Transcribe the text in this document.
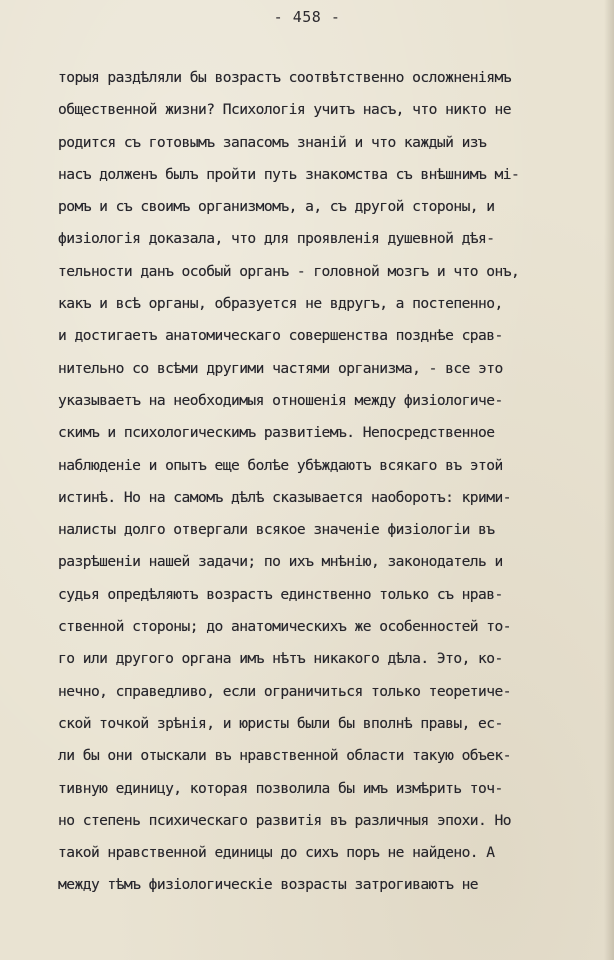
- 458 -
торыя раздѣляли бы возрастъ соотвѣтственно осложненіямъ
общественной жизни? Психологія учитъ насъ, что никто не
родится съ готовымъ запасомъ знаній и что каждый изъ
насъ долженъ былъ пройти путь знакомства съ внѣшнимъ мі-
ромъ и съ своимъ организмомъ, а, съ другой стороны, и
физіологія доказала, что для проявленія душевной дѣя-
тельности данъ особый органъ - головной мозгъ и что онъ,
какъ и всѣ органы, образуется не вдругъ, а постепенно,
и достигаетъ анатомическаго совершенства позднѣе срав-
нительно со всѣми другими частями организма, - все это
указываетъ на необходимыя отношенія между физіологиче-
скимъ и психологическимъ развитіемъ. Непосредственное
наблюденіе и опытъ еще болѣе убѣждаютъ всякаго въ этой
истинѣ. Но на самомъ дѣлѣ сказывается наоборотъ: крими-
налисты долго отвергали всякое значеніе физіологіи въ
разрѣшеніи нашей задачи; по ихъ мнѣнію, законодатель и
судья опредѣляютъ возрастъ единственно только съ нрав-
ственной стороны; до анатомическихъ же особенностей то-
го или другого органа имъ нѣтъ никакого дѣла. Это, ко-
нечно, справедливо, если ограничиться только теоретиче-
ской точкой зрѣнія, и юристы были бы вполнѣ правы, ес-
ли бы они отыскали въ нравственной области такую объек-
тивную единицу, которая позволила бы имъ измѣрить точ-
но степень психическаго развитія въ различныя эпохи. Но
такой нравственной единицы до сихъ поръ не найдено. А
между тѣмъ физіологическіе возрасты затрогиваютъ не
